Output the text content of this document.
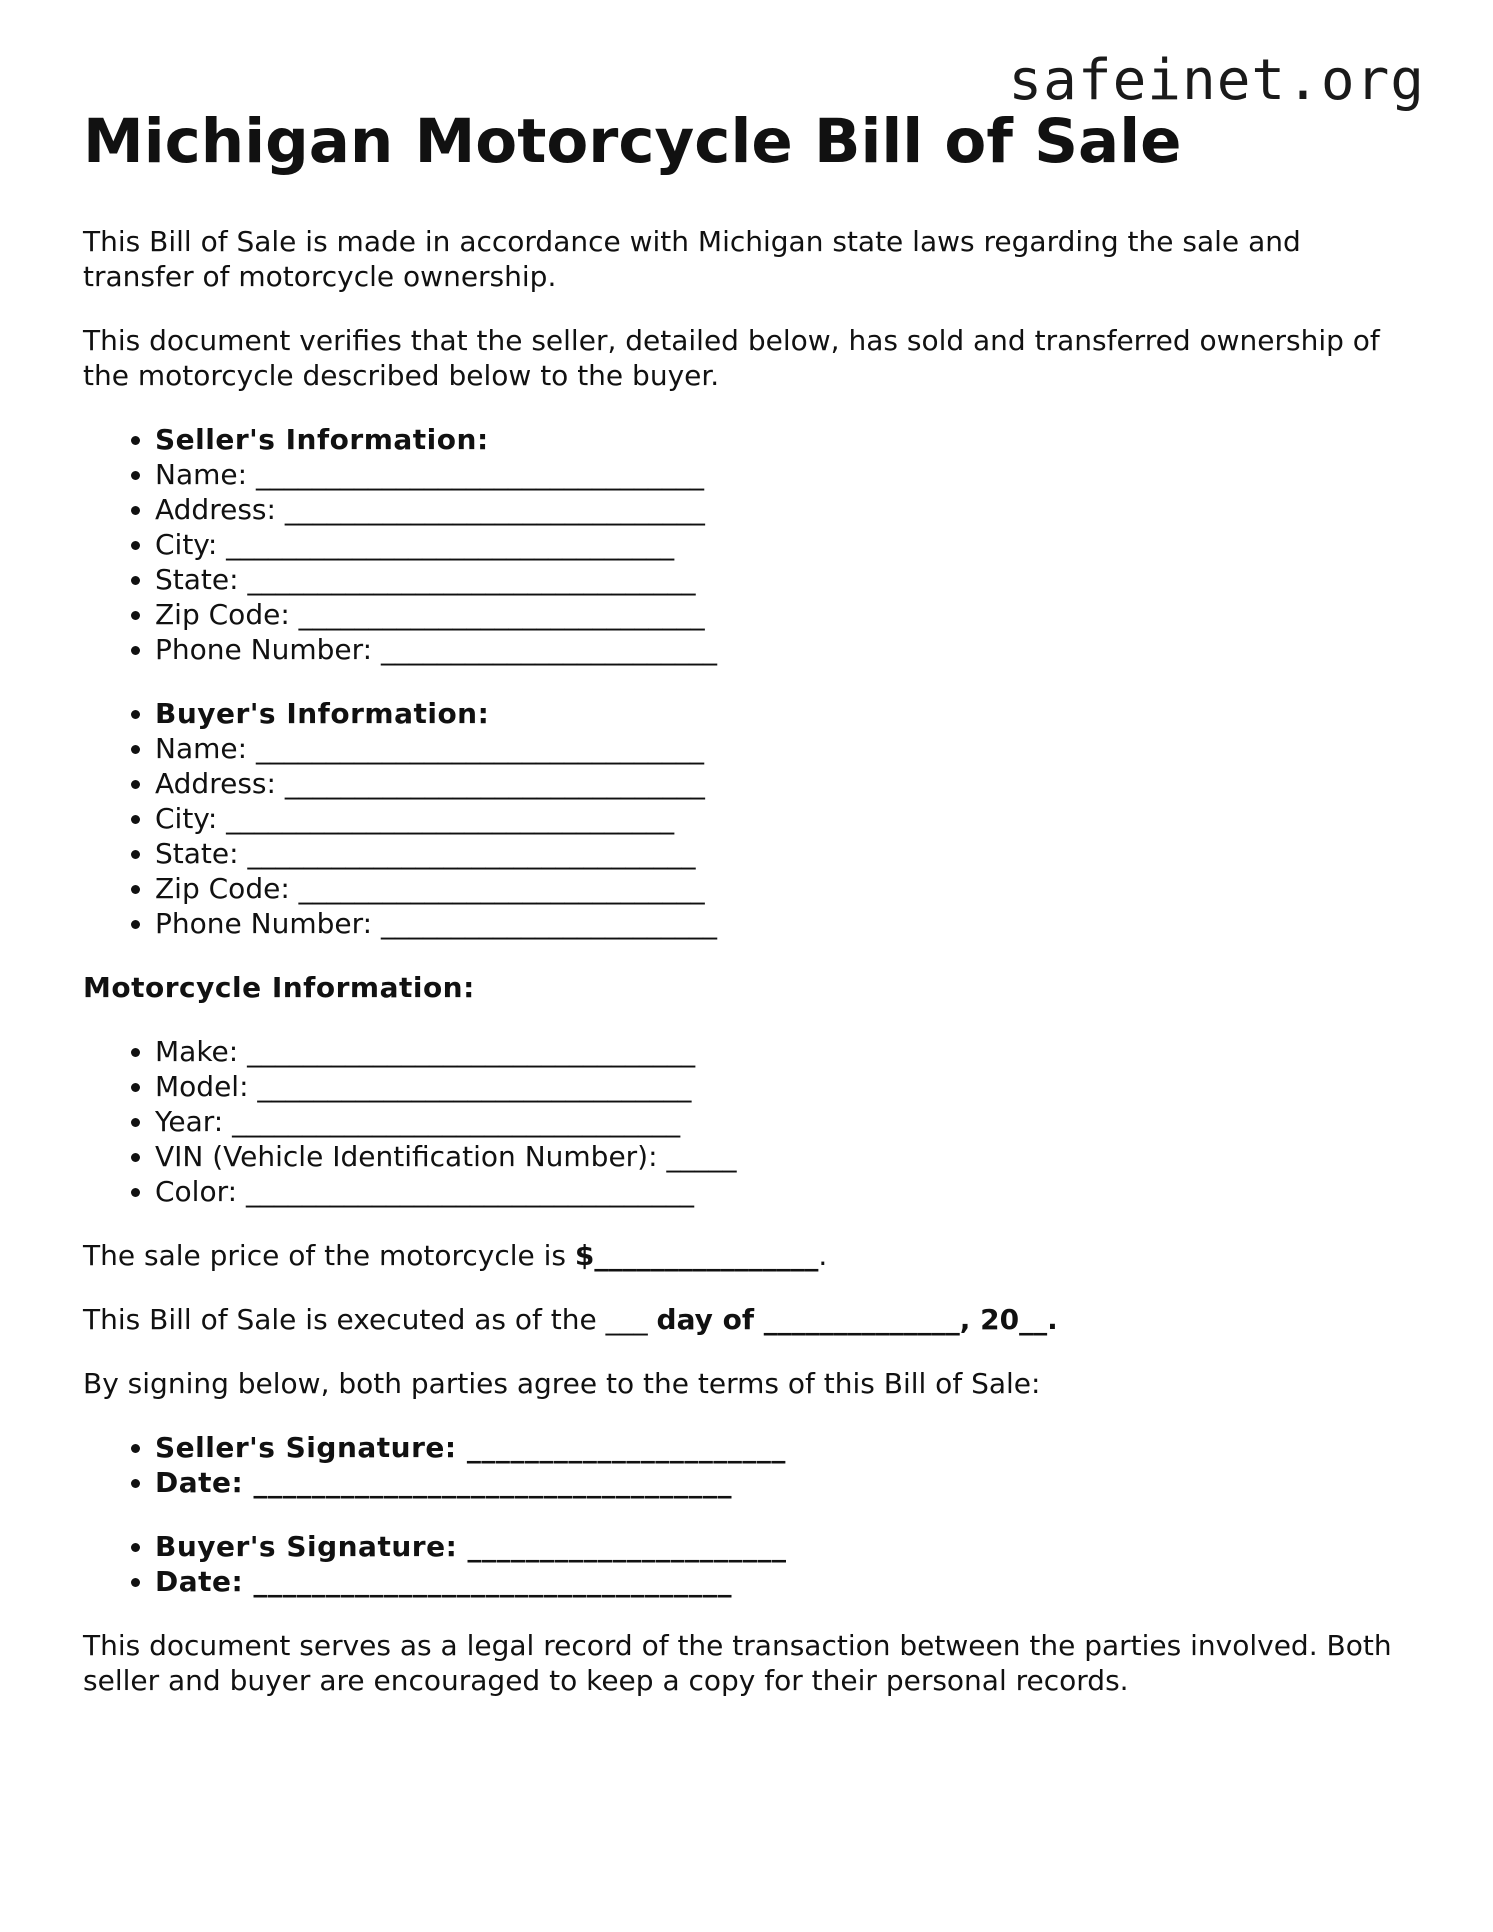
safeinet.org
Michigan Motorcycle Bill of Sale

This Bill of Sale is made in accordance with Michigan state laws regarding the sale and transfer of motorcycle ownership.

This document verifies that the seller, detailed below, has sold and transferred ownership of the motorcycle described below to the buyer.

• Seller's Information:
• Name: ________________________________
• Address: ______________________________
• City: ________________________________
• State: ________________________________
• Zip Code: _____________________________
• Phone Number: ________________________
• Buyer's Information:
• Name: ________________________________
• Address: ______________________________
• City: ________________________________
• State: ________________________________
• Zip Code: _____________________________
• Phone Number: ________________________

Motorcycle Information:

• Make: ________________________________
• Model: _______________________________
• Year: ________________________________
• VIN (Vehicle Identification Number): _____
• Color: ________________________________

The sale price of the motorcycle is $________________.

This Bill of Sale is executed as of the ___ day of ______________, 20__.

By signing below, both parties agree to the terms of this Bill of Sale:

• Seller's Signature: ______________________
• Date: _________________________________
• Buyer's Signature: ______________________
• Date: _________________________________

This document serves as a legal record of the transaction between the parties involved. Both seller and buyer are encouraged to keep a copy for their personal records.
